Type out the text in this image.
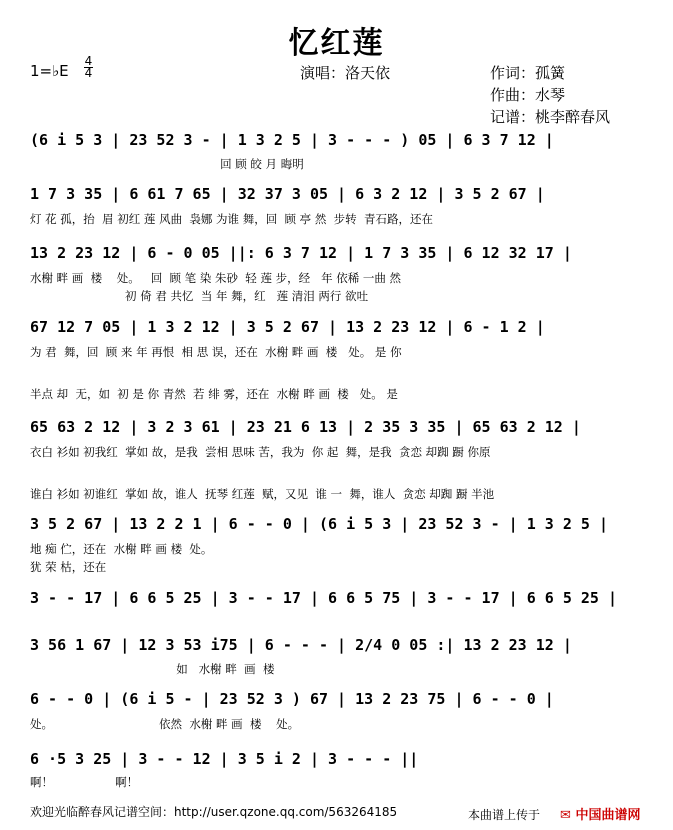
忆红莲
1=♭E
4
4	演唱：洛天依	作词：孤簧
作曲：水琴
记谱：桃李醉春风
(6 i 5 3 | 23 52 3 - | 1 3 2 5 | 3 - - - ) 05 | 6 3 7 12 |
回 顾 皎 月 晦明
1 7 3 35 | 6 61 7 65 | 32 37 3 05 | 6 3 2 12 | 3 5 2 67 |
灯 花 孤，抬  眉 初红 莲 风曲  袅娜 为谁 舞，回  顾 亭 然  步转  青石路，还在
13 2 23 12 | 6 - 0 05 ||: 6 3 7 12 | 1 7 3 35 | 6 12 32 17 |
水榭 畔 画  楼    处。   回  顾 笔 染 朱砂  轻 莲 步，经   年 依稀 一曲 然
初 倚 君 共忆  当 年 舞，红   莲 清泪 两行 欲吐
67 12 7 05 | 1 3 2 12 | 3 5 2 67 | 13 2 23 12 | 6 - 1 2 |
为 君  舞，回  顾 来 年 再恨  相 思 误，还在  水榭 畔 画  楼   处。 是 你
半点 却  无，如  初 是 你 青然  若 绯 雾，还在  水榭 畔 画  楼   处。 是
65 63 2 12 | 3 2 3 61 | 23 21 6 13 | 2 35 3 35 | 65 63 2 12 |
衣白 衫如 初我红  掌如 故，是我  尝相 思味 苦，我为  你 起  舞，是我  贪恋 却踟 蹰 你原
谁白 衫如 初谁红  掌如 故，谁人  抚琴 红莲  赋，又见  谁 一  舞，谁人  贪恋 却踟 蹰 半池
3 5 2 67 | 13 2 2 1 | 6 - - 0 | (6 i 5 3 | 23 52 3 - | 1 3 2 5 |
地 痴 伫，还在  水榭 畔 画 楼  处。
犹 荣 枯，还在
3 - - 17 | 6 6 5 25 | 3 - - 17 | 6 6 5 75 | 3 - - 17 | 6 6 5 25 |
3 56 1 67 | 12 3 53 i75 | 6 - - - | 2/4 0 05 :| 13 2 23 12 |
如   水榭 畔  画  楼
6 - - 0 | (6 i 5 - | 23 52 3 ) 67 | 13 2 23 75 | 6 - - 0 |
处。                             依然  水榭 畔 画  楼    处。
6 ·5 3 25 | 3 - - 12 | 3 5 i 2 | 3 - - - ||
啊！                 啊！
欢迎光临醉春风记谱空间：http://user.qzone.qq.com/563264185	本曲谱上传于 ✉ 中国曲谱网
